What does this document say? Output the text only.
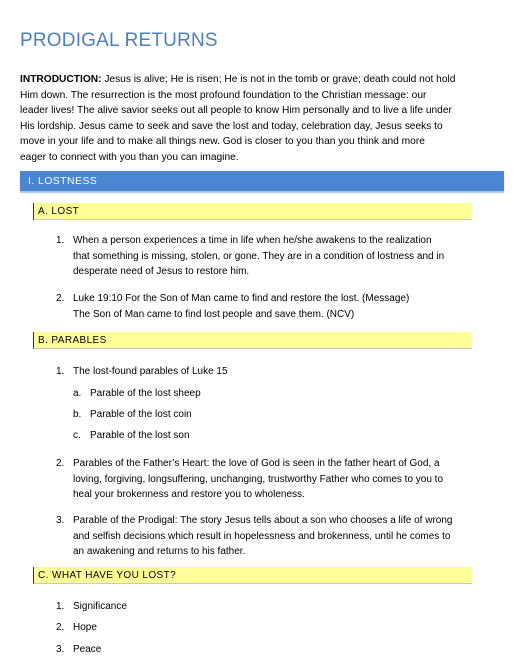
PRODIGAL RETURNS
INTRODUCTION: Jesus is alive; He is risen; He is not in the tomb or grave; death could not hold
Him down. The resurrection is the most profound foundation to the Christian message: our
leader lives! The alive savior seeks out all people to know Him personally and to live a life under
His lordship. Jesus came to seek and save the lost and today, celebration day, Jesus seeks to
move in your life and to make all things new. God is closer to you than you think and more
eager to connect with you than you can imagine.
I. LOSTNESS
A. LOST
1. When a person experiences a time in life when he/she awakens to the realization
that something is missing, stolen, or gone. They are in a condition of lostness and in
desperate need of Jesus to restore him.
2. Luke 19:10 For the Son of Man came to find and restore the lost. (Message)
The Son of Man came to find lost people and save them. (NCV)
B. PARABLES
1. The lost-found parables of Luke 15
a. Parable of the lost sheep
b. Parable of the lost coin
c. Parable of the lost son
2. Parables of the Father’s Heart: the love of God is seen in the father heart of God, a
loving, forgiving, longsuffering, unchanging, trustworthy Father who comes to you to
heal your brokenness and restore you to wholeness.
3. Parable of the Prodigal: The story Jesus tells about a son who chooses a life of wrong
and selfish decisions which result in hopelessness and brokenness, until he comes to
an awakening and returns to his father.
C. WHAT HAVE YOU LOST?
1. Significance
2. Hope
3. Peace
